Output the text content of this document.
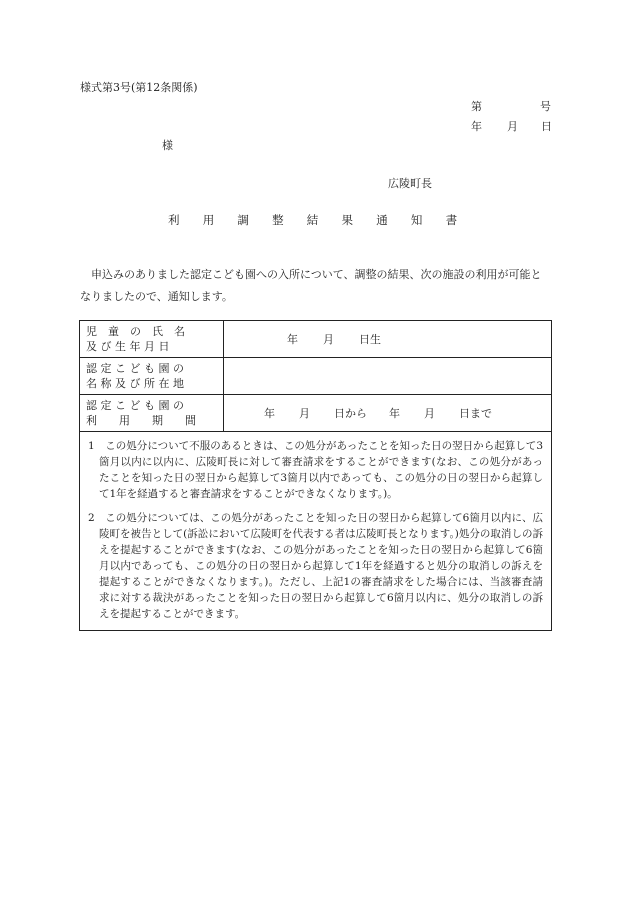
様式第3号(第12条関係)
第	号
年 月 日
様
広陵町長
利用調整結果通知書
申込みのありました認定こども園への入所について、調整の結果、次の施設の利用が可能となりましたので、通知します。
児　童　の　氏　名
及 び 生 年 月 日	年 月 日生

認 定 こ ど も 園 の
名 称 及 び 所 在 地	

認 定 こ ど も 園 の
利　　用　　期　　間	年 月 日から 年 月 日まで

1　この処分について不服のあるときは、この処分があったことを知った日の翌日から起算して3箇月以内に以内に、広陵町長に対して審査請求をすることができます(なお、この処分があったことを知った日の翌日から起算して3箇月以内であっても、この処分の日の翌日から起算して1年を経過すると審査請求をすることができなくなります。)。
2　この処分については、この処分があったことを知った日の翌日から起算して6箇月以内に、広陵町を被告として(訴訟において広陵町を代表する者は広陵町長となります。)処分の取消しの訴えを提起することができます(なお、この処分があったことを知った日の翌日から起算して6箇月以内であっても、この処分の日の翌日から起算して1年を経過すると処分の取消しの訴えを提起することができなくなります。)。ただし、上記1の審査請求をした場合には、当該審査請求に対する裁決があったことを知った日の翌日から起算して6箇月以内に、処分の取消しの訴えを提起することができます。	
